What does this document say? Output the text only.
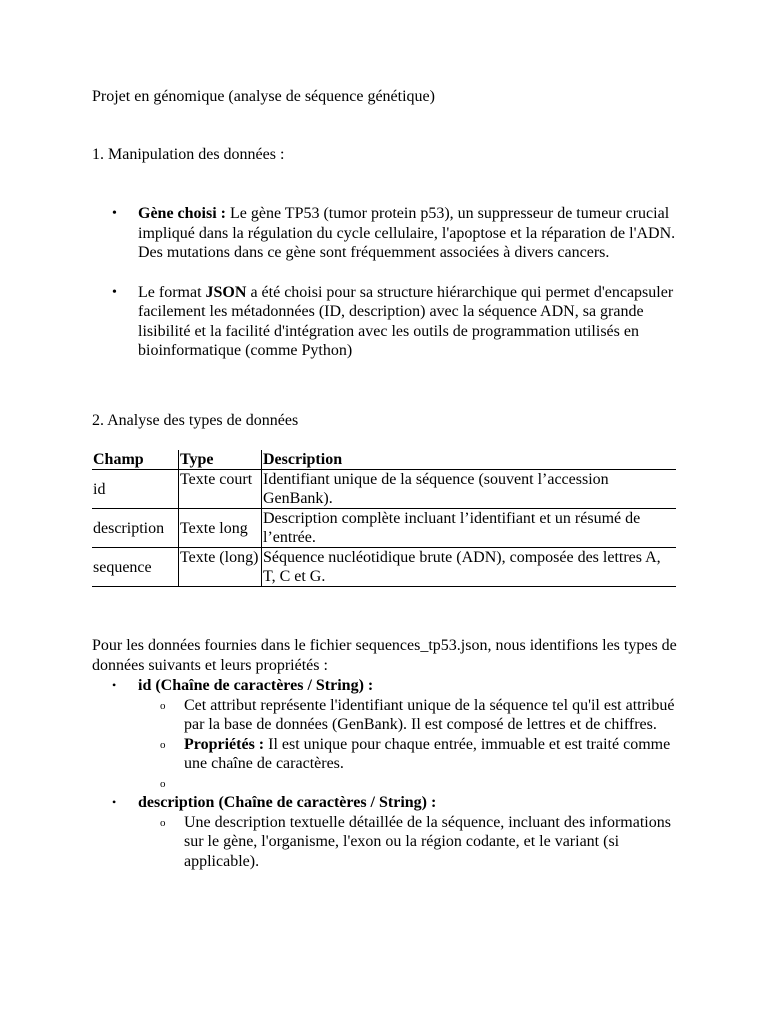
Projet en génomique (analyse de séquence génétique)

1. Manipulation des données :

• Gène choisi : Le gène TP53 (tumor protein p53), un suppresseur de tumeur crucial impliqué dans la régulation du cycle cellulaire, l'apoptose et la réparation de l'ADN. Des mutations dans ce gène sont fréquemment associées à divers cancers.
• Le format JSON a été choisi pour sa structure hiérarchique qui permet d'encapsuler facilement les métadonnées (ID, description) avec la séquence ADN, sa grande lisibilité et la facilité d'intégration avec les outils de programmation utilisés en bioinformatique (comme Python)

2. Analyse des types de données

Champ	Type	Description
id	Texte court	Identifiant unique de la séquence (souvent l’accession GenBank).
description	Texte long	Description complète incluant l’identifiant et un résumé de l’entrée.
sequence	Texte (long)	Séquence nucléotidique brute (ADN), composée des lettres A, T, C et G.

Pour les données fournies dans le fichier sequences_tp53.json, nous identifions les types de données suivants et leurs propriétés :

• id (Chaîne de caractères / String) :
o Cet attribut représente l'identifiant unique de la séquence tel qu'il est attribué par la base de données (GenBank). Il est composé de lettres et de chiffres.
o Propriétés : Il est unique pour chaque entrée, immuable et est traité comme une chaîne de caractères.
o
• description (Chaîne de caractères / String) :
o Une description textuelle détaillée de la séquence, incluant des informations sur le gène, l'organisme, l'exon ou la région codante, et le variant (si applicable).
